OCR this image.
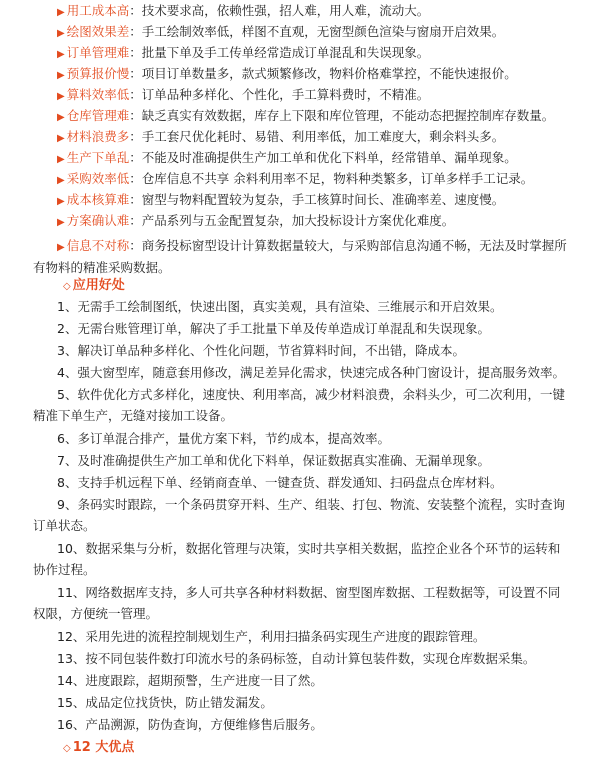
▶ 用工成本高：技术要求高，依赖性强，招人难，用人难，流动大。
▶ 绘图效果差：手工绘制效率低，样图不直观，无窗型颜色渲染与窗扇开启效果。
▶ 订单管理难：批量下单及手工传单经常造成订单混乱和失误现象。
▶ 预算报价慢：项目订单数量多，款式频繁修改，物料价格难掌控，不能快速报价。
▶ 算料效率低：订单品种多样化、个性化，手工算料费时，不精准。
▶ 仓库管理难：缺乏真实有效数据，库存上下限和库位管理，不能动态把握控制库存数量。
▶ 材料浪费多：手工套尺优化耗时、易错、利用率低，加工难度大，剩余料头多。
▶ 生产下单乱：不能及时准确提供生产加工单和优化下料单，经常错单、漏单现象。
▶ 采购效率低：仓库信息不共享 余料利用率不足，物料种类繁多，订单多样手工记录。
▶ 成本核算难：窗型与物料配置较为复杂，手工核算时间长、准确率差、速度慢。
▶ 方案确认难：产品系列与五金配置复杂，加大投标设计方案优化难度。
▶ 信息不对称：商务投标窗型设计计算数据量较大，与采购部信息沟通不畅，无法及时掌握所有物料的精准采购数据。
◇ 应用好处
1、无需手工绘制图纸，快速出图，真实美观，具有渲染、三维展示和开启效果。
2、无需台账管理订单，解决了手工批量下单及传单造成订单混乱和失误现象。
3、解决订单品种多样化、个性化问题，节省算料时间，不出错，降成本。
4、强大窗型库，随意套用修改，满足差异化需求，快速完成各种门窗设计，提高服务效率。
5、软件优化方式多样化，速度快、利用率高，减少材料浪费，余料头少，可二次利用，一键精准下单生产，无缝对接加工设备。
6、多订单混合排产，量优方案下料，节约成本，提高效率。
7、及时准确提供生产加工单和优化下料单，保证数据真实准确、无漏单现象。
8、支持手机远程下单、经销商查单、一键查货、群发通知、扫码盘点仓库材料。
9、条码实时跟踪，一个条码贯穿开料、生产、组装、打包、物流、安装整个流程，实时查询订单状态。
10、数据采集与分析，数据化管理与决策，实时共享相关数据，监控企业各个环节的运转和协作过程。
11、网络数据库支持，多人可共享各种材料数据、窗型图库数据、工程数据等，可设置不同权限，方便统一管理。
12、采用先进的流程控制规划生产，利用扫描条码实现生产进度的跟踪管理。
13、按不同包装件数打印流水号的条码标签，自动计算包装件数，实现仓库数据采集。
14、进度跟踪，超期预警，生产进度一目了然。
15、成品定位找货快，防止错发漏发。
16、产品溯源，防伪查询，方便维修售后服务。
◇ 12 大优点
